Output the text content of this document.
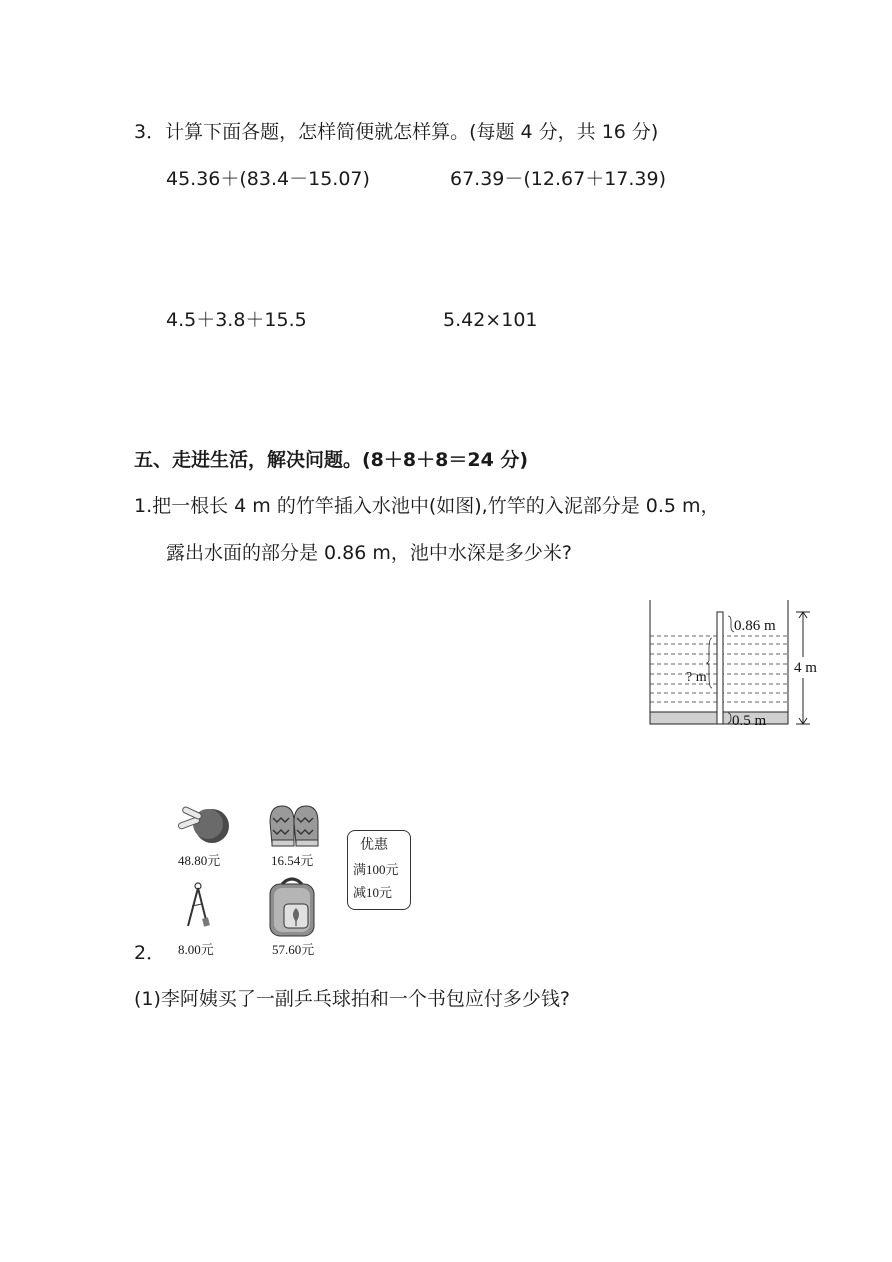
3．计算下面各题，怎样简便就怎样算。(每题 4 分，共 16 分)
45.36＋(83.4－15.07)	67.39－(12.67＋17.39)
4.5＋3.8＋15.5	5.42×101
五、走进生活，解决问题。(8＋8＋8＝24 分)
1.把一根长 4 m 的竹竿插入水池中(如图),竹竿的入泥部分是 0.5 m，
露出水面的部分是 0.86 m，池中水深是多少米?
0.86 m
? m
0.5 m
4 m
48.80元	16.54元
8.00元	57.60元
优惠
满100元
减10元
2．
(1)李阿姨买了一副乒乓球拍和一个书包应付多少钱?
